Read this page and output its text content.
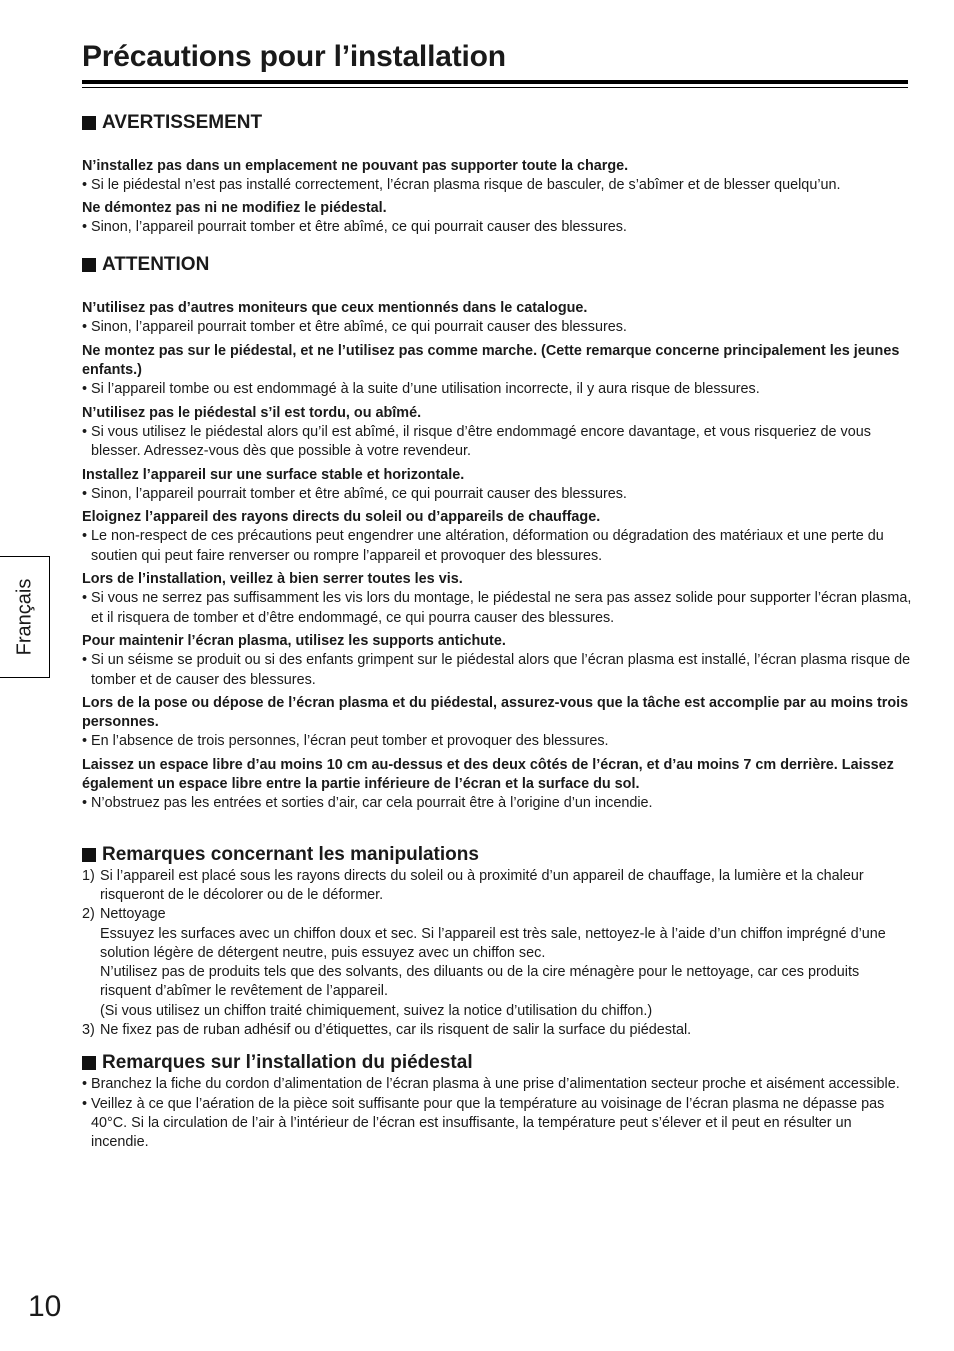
Précautions pour l’installation
AVERTISSEMENT
N’installez pas dans un emplacement ne pouvant pas supporter toute la charge.
• Si le piédestal n’est pas installé correctement, l’écran plasma risque de basculer, de s’abîmer et de blesser quelqu’un.
Ne démontez pas ni ne modifiez le piédestal.
• Sinon, l’appareil pourrait tomber et être abîmé, ce qui pourrait causer des blessures.
ATTENTION
N’utilisez pas d’autres moniteurs que ceux mentionnés dans le catalogue.
• Sinon, l’appareil pourrait tomber et être abîmé, ce qui pourrait causer des blessures.
Ne montez pas sur le piédestal, et ne l’utilisez pas comme marche. (Cette remarque concerne principalement les jeunes enfants.)
• Si l’appareil tombe ou est endommagé à la suite d’une utilisation incorrecte, il y aura risque de blessures.
N’utilisez pas le piédestal s’il est tordu, ou abîmé.
• Si vous utilisez le piédestal alors qu’il est abîmé, il risque d’être endommagé encore davantage, et vous risqueriez de vous blesser. Adressez-vous dès que possible à votre revendeur.
Installez l’appareil sur une surface stable et horizontale.
• Sinon, l’appareil pourrait tomber et être abîmé, ce qui pourrait causer des blessures.
Eloignez l’appareil des rayons directs du soleil ou d’appareils de chauffage.
• Le non-respect de ces précautions peut engendrer une altération, déformation ou dégradation des matériaux et une perte du soutien qui peut faire renverser ou rompre l’appareil et provoquer des blessures.
Lors de l’installation, veillez à bien serrer toutes les vis.
• Si vous ne serrez pas suffisamment les vis lors du montage, le piédestal ne sera pas assez solide pour supporter l’écran plasma, et il risquera de tomber et d’être endommagé, ce qui pourra causer des blessures.
Pour maintenir l’écran plasma, utilisez les supports antichute.
• Si un séisme se produit ou si des enfants grimpent sur le piédestal alors que l’écran plasma est installé, l’écran plasma risque de tomber et de causer des blessures.
Lors de la pose ou dépose de l’écran plasma et du piédestal, assurez-vous que la tâche est accomplie par au moins trois personnes.
• En l’absence de trois personnes, l’écran peut tomber et provoquer des blessures.
Laissez un espace libre d’au moins 10 cm au-dessus et des deux côtés de l’écran, et d’au moins 7 cm derrière. Laissez également un espace libre entre la partie inférieure de l’écran et la surface du sol.
• N’obstruez pas les entrées et sorties d’air, car cela pourrait être à l’origine d’un incendie.
Remarques concernant les manipulations
1) Si l’appareil est placé sous les rayons directs du soleil ou à proximité d’un appareil de chauffage, la lumière et la chaleur risqueront de le décolorer ou de le déformer.
2) Nettoyage
Essuyez les surfaces avec un chiffon doux et sec. Si l’appareil est très sale, nettoyez-le à l’aide d’un chiffon imprégné d’une solution légère de détergent neutre, puis essuyez avec un chiffon sec.
N’utilisez pas de produits tels que des solvants, des diluants ou de la cire ménagère pour le nettoyage, car ces produits risquent d’abîmer le revêtement de l’appareil.
(Si vous utilisez un chiffon traité chimiquement, suivez la notice d’utilisation du chiffon.)
3) Ne fixez pas de ruban adhésif ou d’étiquettes, car ils risquent de salir la surface du piédestal.
Remarques sur l’installation du piédestal
• Branchez la fiche du cordon d’alimentation de l’écran plasma à une prise d’alimentation secteur proche et aisément accessible.
• Veillez à ce que l’aération de la pièce soit suffisante pour que la température au voisinage de l’écran plasma ne dépasse pas 40°C. Si la circulation de l’air à l’intérieur de l’écran est insuffisante, la température peut s’élever et il peut en résulter un incendie.
Français
10
